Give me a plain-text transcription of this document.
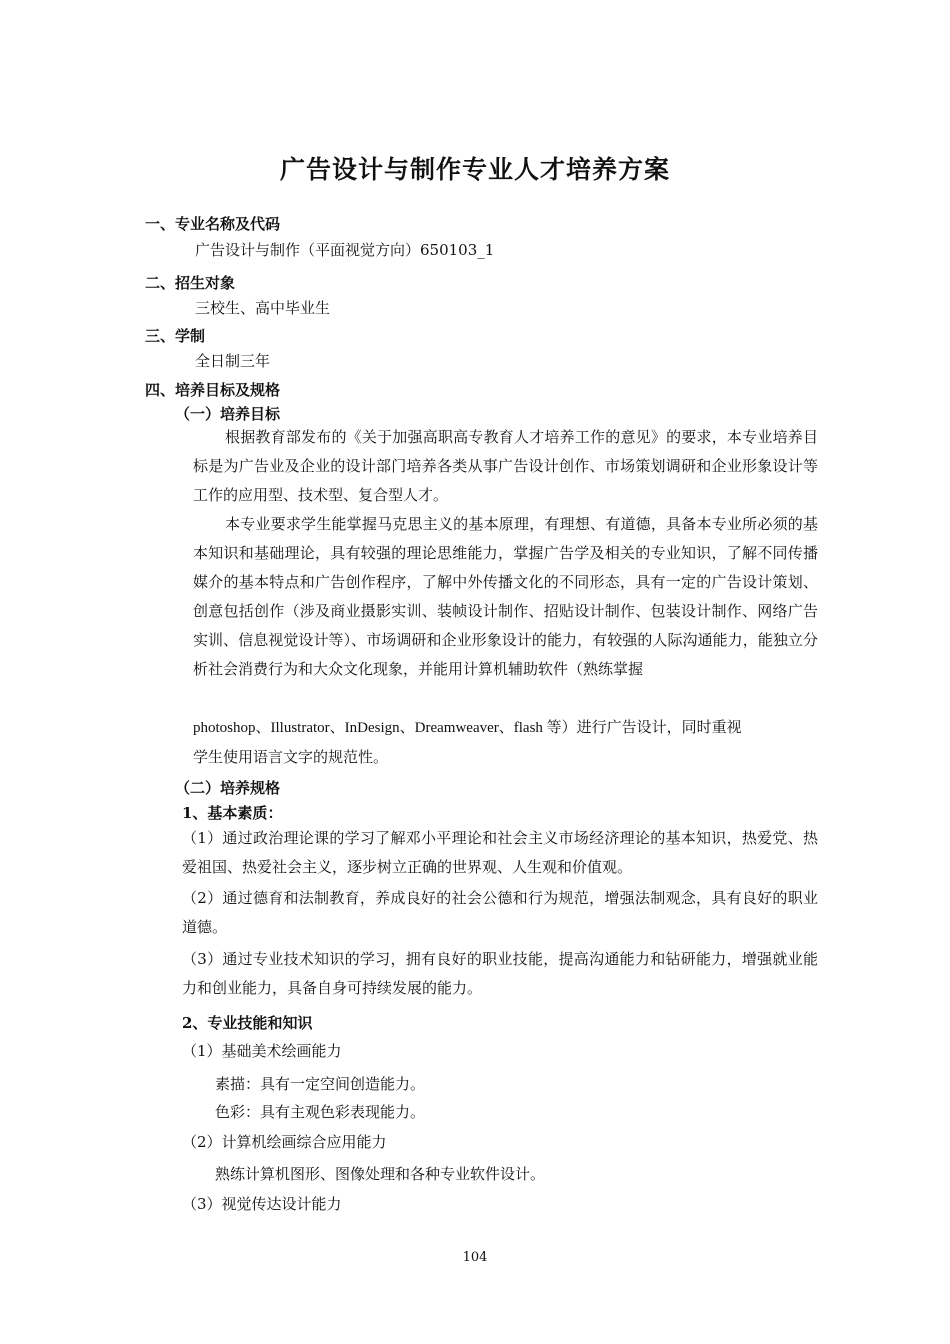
广告设计与制作专业人才培养方案
一、专业名称及代码
广告设计与制作（平面视觉方向）650103_1
二、招生对象
三校生、高中毕业生
三、学制
全日制三年
四、培养目标及规格
（一）培养目标
根据教育部发布的《关于加强高职高专教育人才培养工作的意见》的要求，本专业培养目标是为广告业及企业的设计部门培养各类从事广告设计创作、市场策划调研和企业形象设计等工作的应用型、技术型、复合型人才。
本专业要求学生能掌握马克思主义的基本原理，有理想、有道德，具备本专业所必须的基本知识和基础理论，具有较强的理论思维能力，掌握广告学及相关的专业知识，了解不同传播媒介的基本特点和广告创作程序，了解中外传播文化的不同形态，具有一定的广告设计策划、创意包括创作（涉及商业摄影实训、装帧设计制作、招贴设计制作、包装设计制作、网络广告实训、信息视觉设计等）、市场调研和企业形象设计的能力，有较强的人际沟通能力，能独立分析社会消费行为和大众文化现象，并能用计算机辅助软件（熟练掌握
photoshop、Illustrator、InDesign、Dreamweaver、flash 等）进行广告设计，同时重视
学生使用语言文字的规范性。
（二）培养规格
1、基本素质：
（1）通过政治理论课的学习了解邓小平理论和社会主义市场经济理论的基本知识，热爱党、热爱祖国、热爱社会主义，逐步树立正确的世界观、人生观和价值观。
（2）通过德育和法制教育，养成良好的社会公德和行为规范，增强法制观念，具有良好的职业道德。
（3）通过专业技术知识的学习，拥有良好的职业技能，提高沟通能力和钻研能力，增强就业能力和创业能力，具备自身可持续发展的能力。
2、专业技能和知识
（1）基础美术绘画能力
素描：具有一定空间创造能力。
色彩：具有主观色彩表现能力。
（2）计算机绘画综合应用能力
熟练计算机图形、图像处理和各种专业软件设计。
（3）视觉传达设计能力
104
